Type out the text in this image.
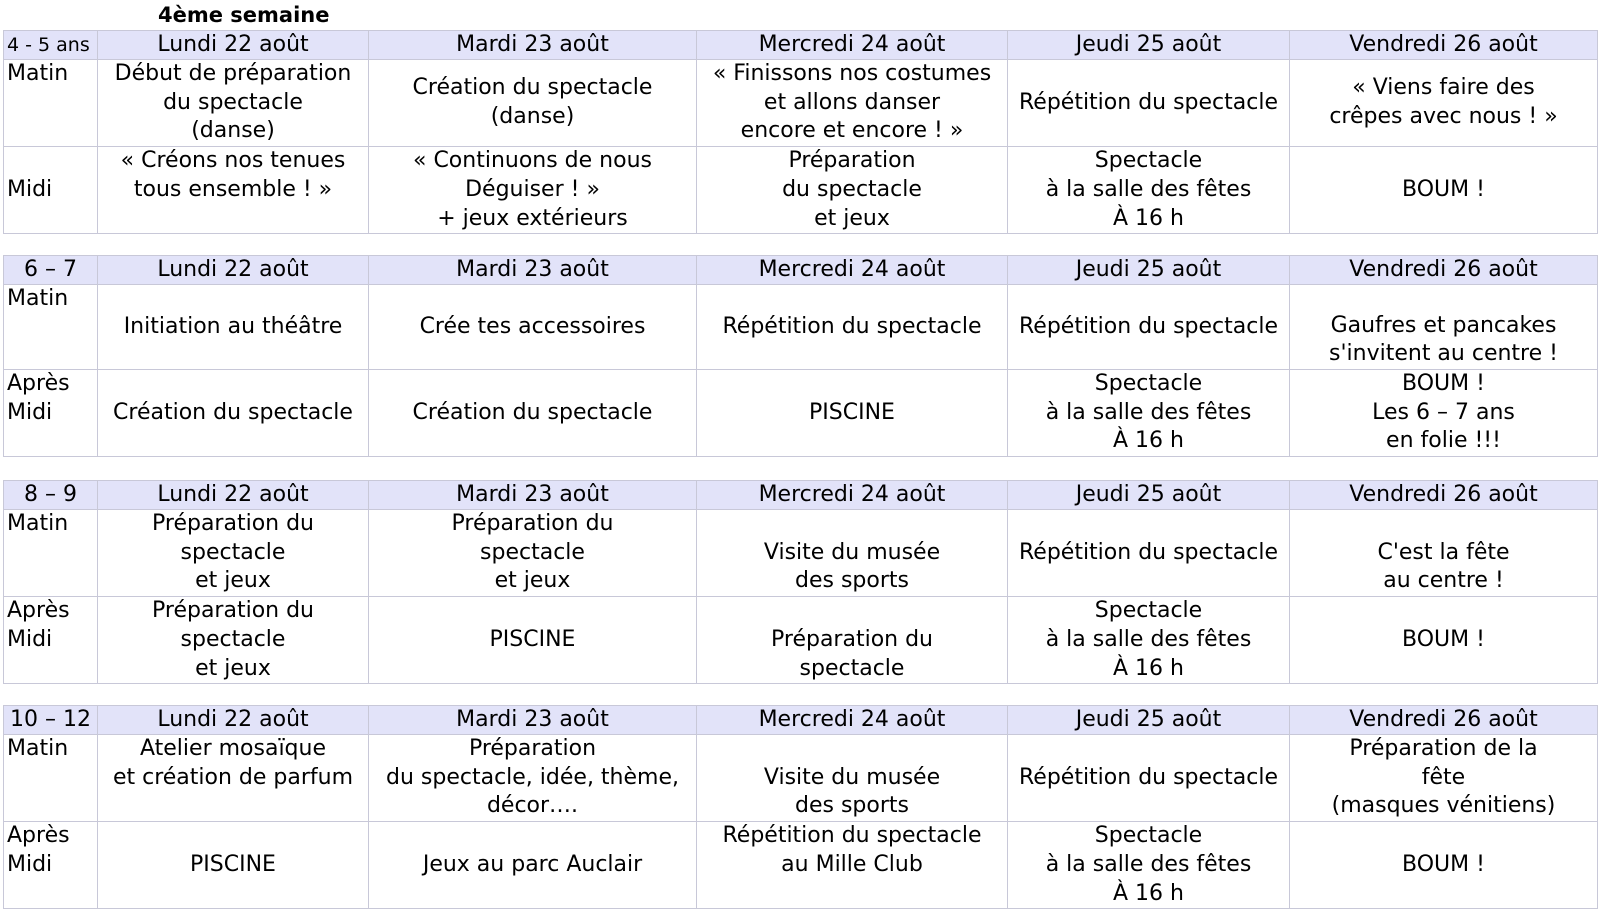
4ème semaine
4 - 5 ans	Lundi 22 août	Mardi 23 août	Mercredi 24 août	Jeudi 25 août	Vendredi 26 août
Matin	Début de préparation
du spectacle
(danse)	Création du spectacle
(danse)	« Finissons nos costumes
et allons danser
encore et encore ! »	Répétition du spectacle	« Viens faire des
crêpes avec nous ! »
Midi	« Créons nos tenues
tous ensemble ! »	« Continuons de nous
Déguiser ! »
+ jeux extérieurs	Préparation
du spectacle
et jeux	Spectacle
à la salle des fêtes
À 16 h	BOUM !
6 – 7	Lundi 22 août	Mardi 23 août	Mercredi 24 août	Jeudi 25 août	Vendredi 26 août
Matin	Initiation au théâtre	Crée tes accessoires	Répétition du spectacle	Répétition du spectacle	Gaufres et pancakes
s'invitent au centre !
Après
Midi	Création du spectacle	Création du spectacle	PISCINE	Spectacle
à la salle des fêtes
À 16 h	BOUM !
Les 6 – 7 ans
en folie !!!
8 – 9	Lundi 22 août	Mardi 23 août	Mercredi 24 août	Jeudi 25 août	Vendredi 26 août
Matin	Préparation du
spectacle
et jeux	Préparation du
spectacle
et jeux	Visite du musée
des sports	Répétition du spectacle	C'est la fête
au centre !
Après
Midi	Préparation du
spectacle
et jeux	PISCINE	Préparation du
spectacle	Spectacle
à la salle des fêtes
À 16 h	BOUM !
10 – 12	Lundi 22 août	Mardi 23 août	Mercredi 24 août	Jeudi 25 août	Vendredi 26 août
Matin	Atelier mosaïque
et création de parfum	Préparation
du spectacle, idée, thème,
décor….	Visite du musée
des sports	Répétition du spectacle	Préparation de la
fête
(masques vénitiens)
Après
Midi	PISCINE	Jeux au parc Auclair	Répétition du spectacle
au Mille Club	Spectacle
à la salle des fêtes
À 16 h	BOUM !
